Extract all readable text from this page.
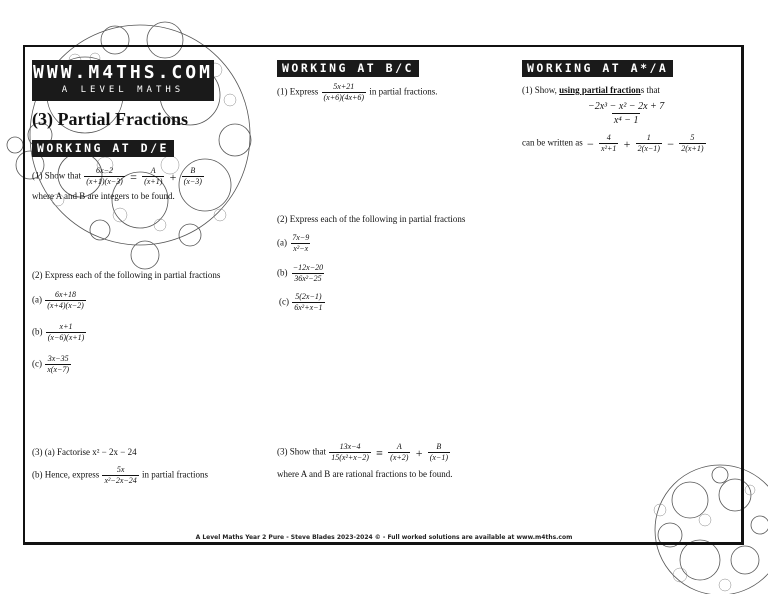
WWW.M4THS.COM
A LEVEL MATHS
(3) Partial Fractions
WORKING AT D/E
(1) Show that $\frac{6x-2}{(x+1)(x-3)} = \frac{A}{(x+1)} + \frac{B}{(x-3)}$
where A and B are integers to be found.
(2) Express each of the following in partial fractions
$(a) \frac{6x+18}{(x+4)(x-2)}$
$(b) \frac{x+1}{(x-6)(x+1)}$
$(c) \frac{3x-35}{x(x-7)}$
(3) (a) Factorise x² − 2x − 24
(b) Hence, express $\frac{5x}{\text{x²−2x−24}}$ in partial fractions
WORKING AT B/C
(1) Express $\frac{5x+21}{(x+6)(4x+6)}$ in partial fractions.
(2) Express each of the following in partial fractions
$(a) \frac{7x-9}{\text{x²−x}}$
$(b) \frac{-12x-20}{\text{36x²−25}}$
$(c) \frac{5(2x-1)}{\text{6x²+x−1}}$
(3) Show that $\frac{13x-4}{\text{15(x²+x−2)}} \equiv \frac{A}{(x+2)} + \frac{B}{(x-1)}$
where A and B are rational fractions to be found.
WORKING AT A*/A
(1) Show, using partial fractions that
$\frac{\text{−2x³ − x² − 2x + 7}}{\text{x⁴ − 1}}$
can be written as − $\frac{4}{\text{x²+1}} + \frac{1}{2(x-1)} - \frac{5}{2(x+1)}$
A Level Maths Year 2 Pure - Steve Blades 2023-2024 © - Full worked solutions are available at www.m4ths.com
